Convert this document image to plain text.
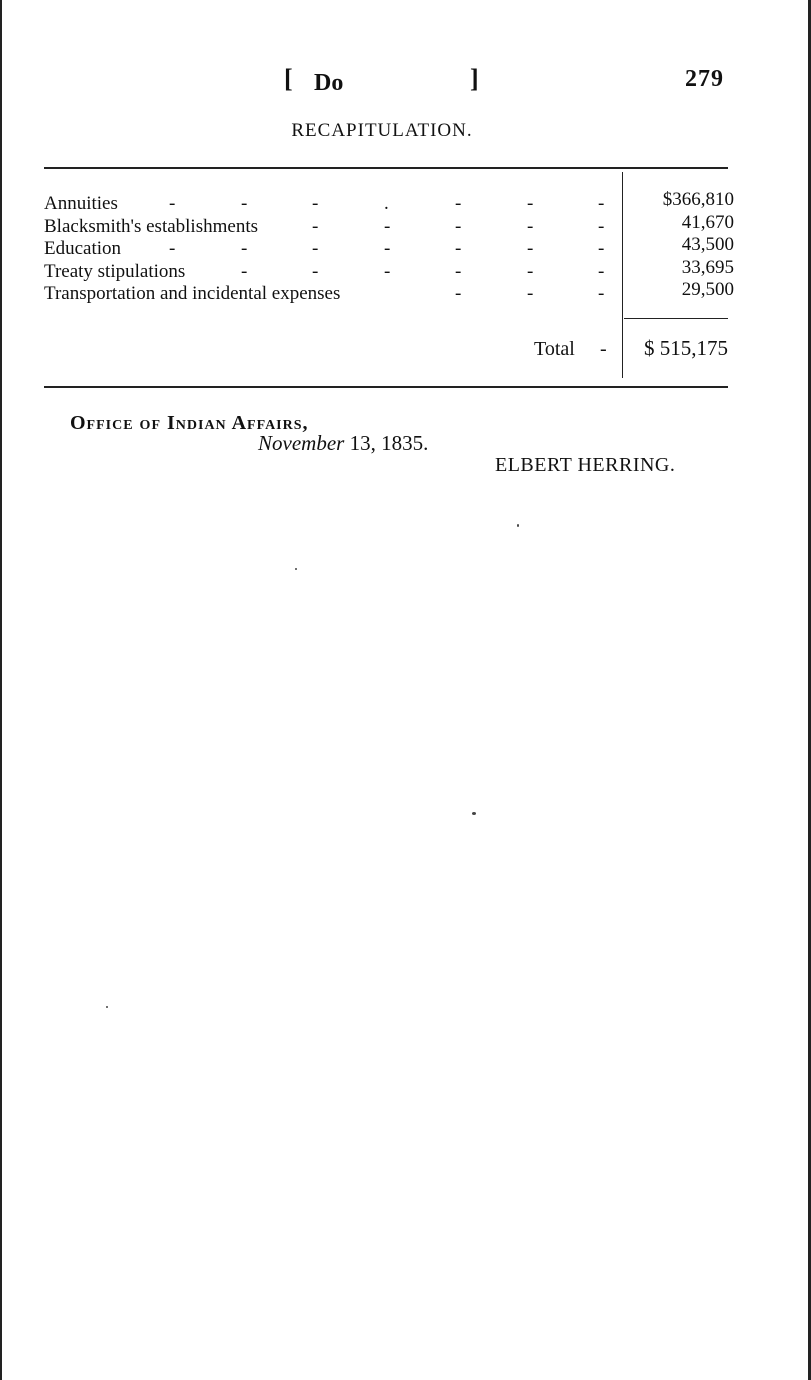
[ Do	]	279
RECAPITULATION.
Annuities	-	-	-	.	-	-	-	$366,810
Blacksmith's establishments	-	-	-	-	-	41,670
Education	-	-	-	-	-	-	-	43,500
Treaty stipulations	-	-	-	-	-	-	33,695
Transportation and incidental expenses	-	-	-	29,500
Total - $ 515,175
Office of Indian Affairs,
November 13, 1835.
ELBERT HERRING.
